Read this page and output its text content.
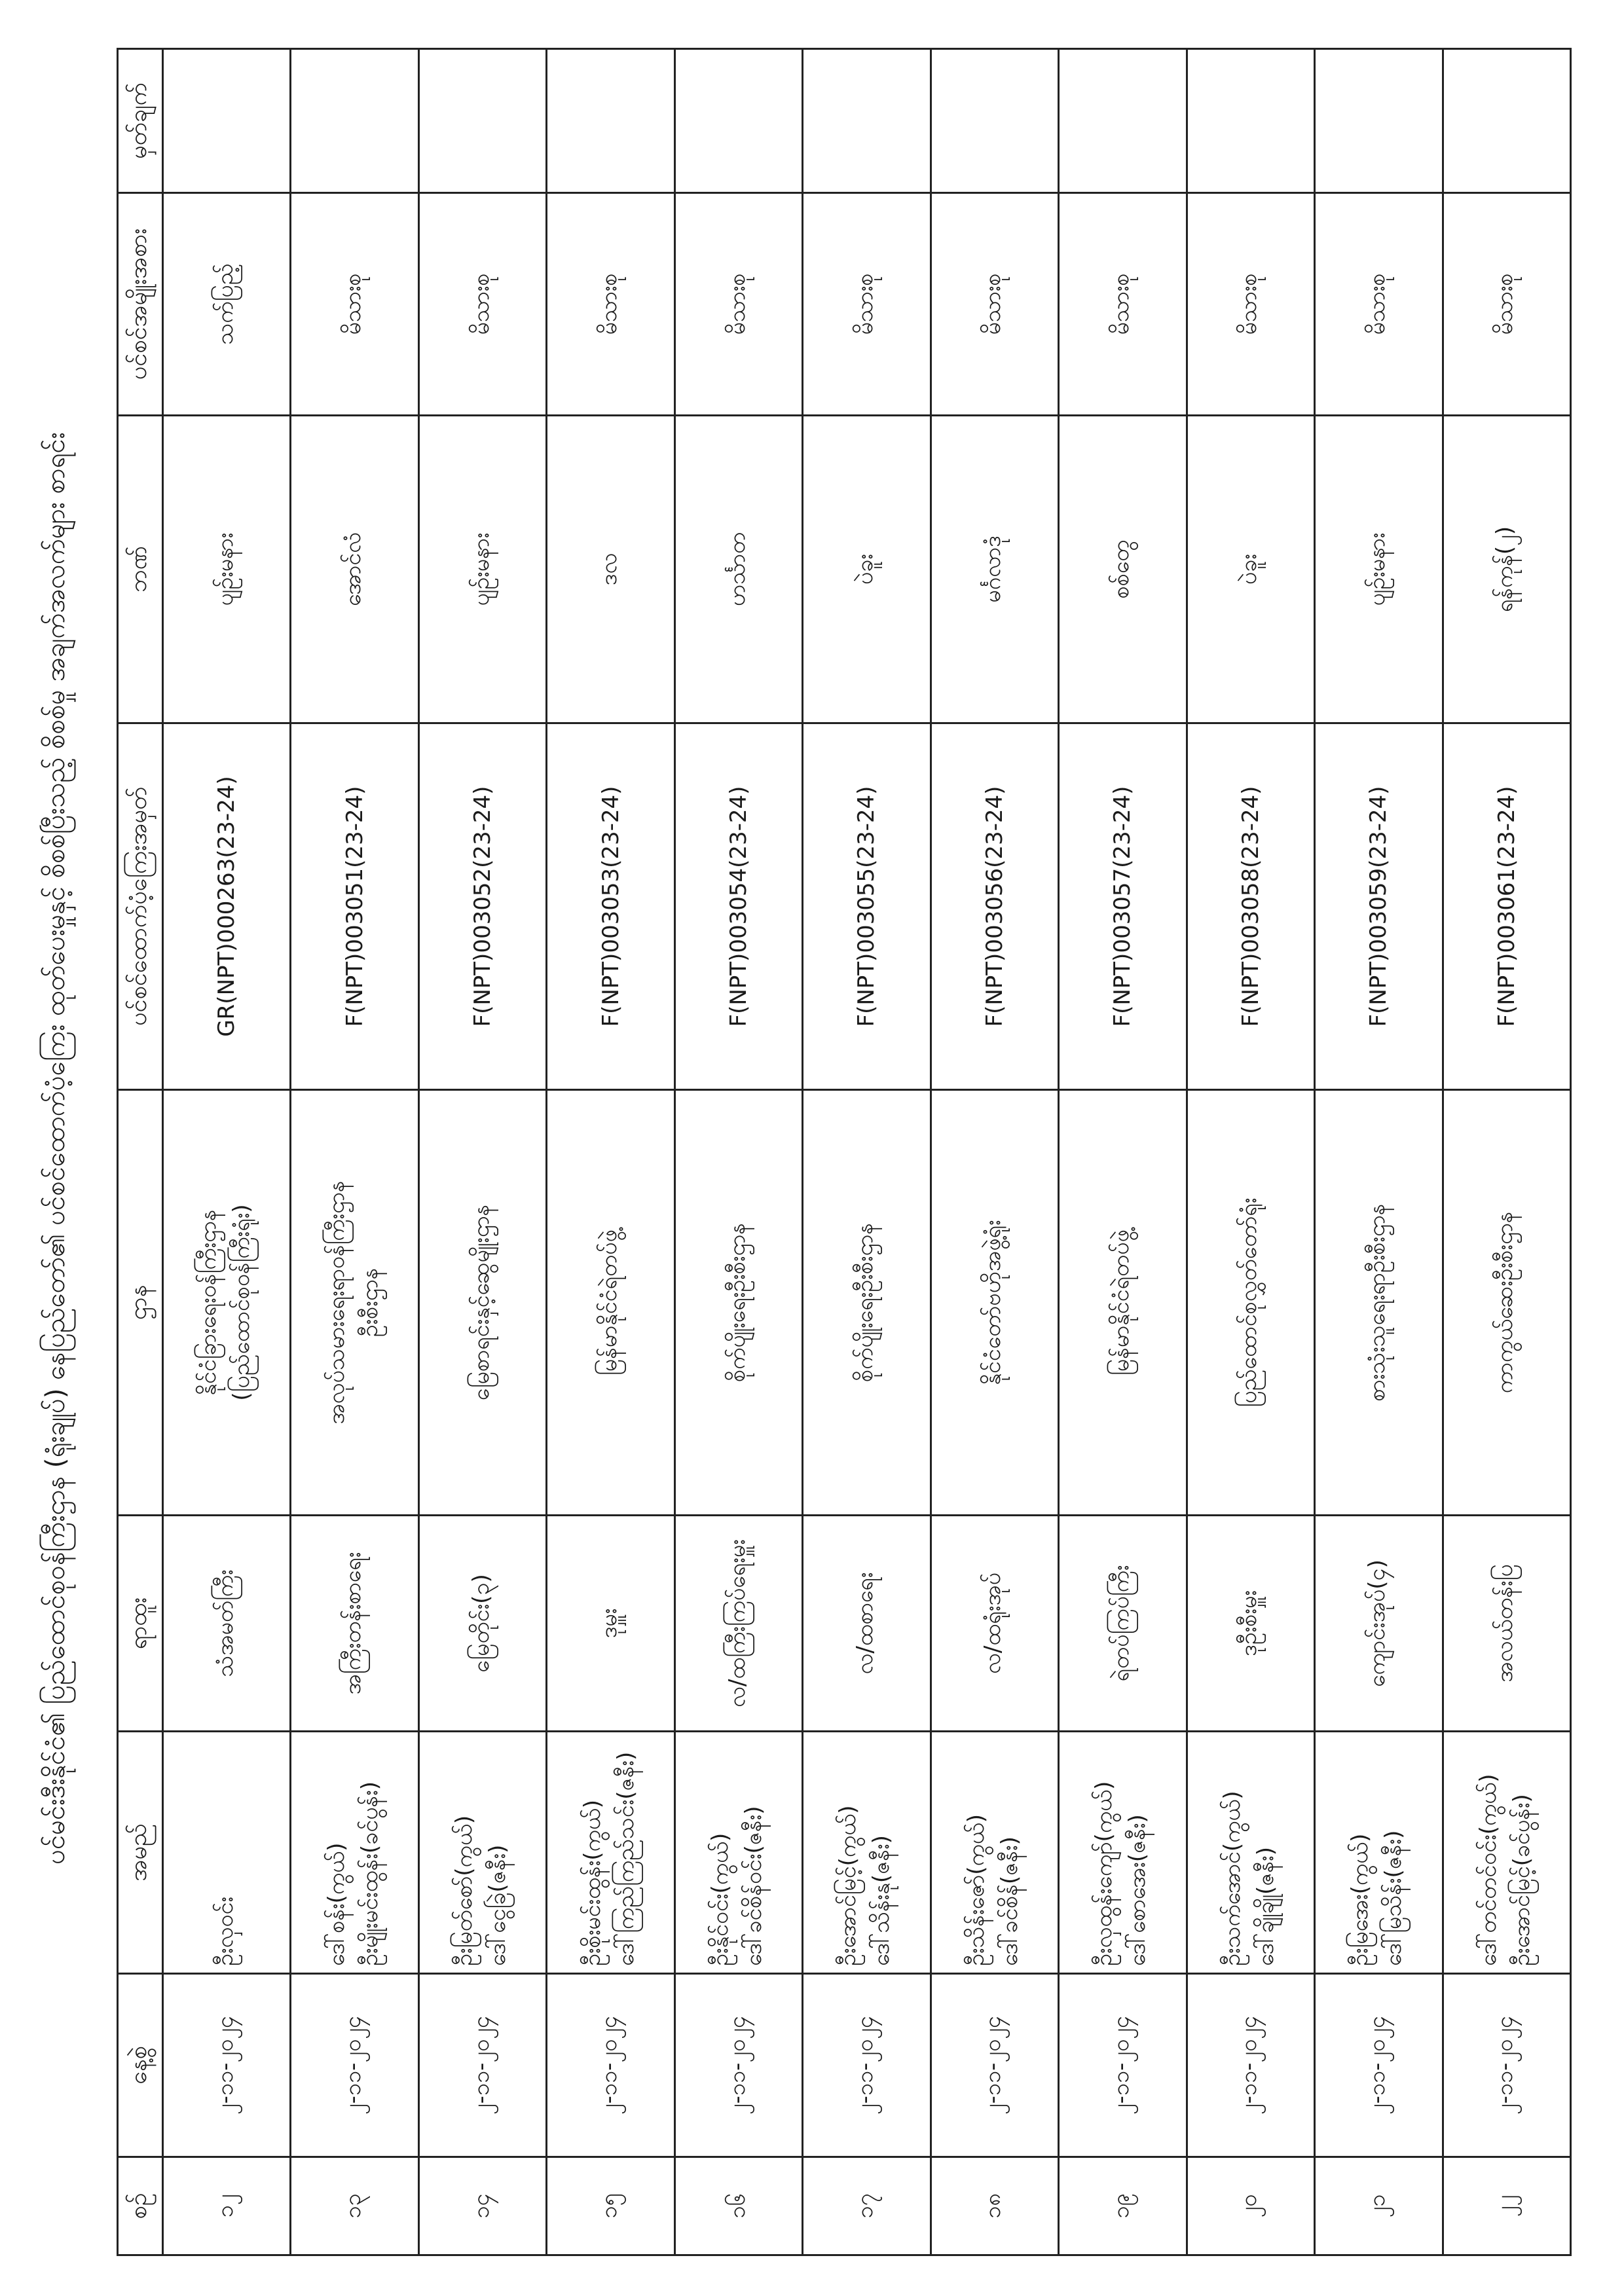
ပင်မင်းဒီးနိုင်ငံ၏ ပြည်ထောင်စုဝန်ကြီးဌာန (ရုံးချုပ်) နေပြည်တော်၏ ပင်စင်ထောက်ပံ့ကြေး ထုတ်ပေးမှုနှင့် စိစစ်ပြီးသည့် စိစစ်မှု အချက်အလက်များ စာရင်း
စဉ်	နေ့စွဲ	အမည်	ရာထူး	ဌာန	ပင်စင်ထောက်ပံ့ကြေးအမှတ်	ဘဏ်	ပင်စင်အမျိုးအစား	မှတ်ချက်
၁၂	၂-၁၁-၂၀၂၄	ဦးလှဝင်း	သံအမတ်ကြီး	နိုင်ငံခြားရေးဝန်ကြီးဌာန (ပြည်ထောင်စုဝန်ကြီးရုံး)	GR(NPT)000263(23-24)	ပျဉ်းမနား	သက်ပြည့်	
၁၃	၂-၁၁-၂၀၂၄	ဒေါ်စန်း(ကွယ်) ဦးမျိုးမင်းထွန်း(ခင်ပွန်း)	အကြီးတန်းစာရေး	အလုပ်သမားရေးရာဝန်ကြီးဌာန ဦးစီးဌာန	F(NPT)003051(23-24)	အောင်လံ	မိသားစု	
၁၄	၂-၁၁-၂၀၂၄	ဦးမြတ်စော်(ကွယ်) ဒေါ်ငွေခြဲ(ဇနီး)	မြေတိုင်း(၃)	မြေစာရင်းနှင့်ဆွေမျိုးဌာန	F(NPT)003052(23-24)	ပျဉ်းမနား	မိသားစု	
၁၅	၂-၁၁-၂၀၂၄	ဦးစိုးမင်းထွန်း(ကွယ်) ဒေါ်ကြည်ကြည်သင်း(ဇနီး)	ဒုမှူး	မြန်မာနိုင်ငံရဲတပ်ဖွဲ့	F(NPT)003053(23-24)	ဒလ	မိသားစု	
၁၆	၂-၁၁-၂၀၂၄	ဦးနိုင်ဝင်း(ကွယ်) ဒေါ်ခင်စိန်ဝင်း(ဇနီး)	လ/ထကြီးကြပ်ရေးမှူး	စိုက်ပျိုးရေးဦးစီးဌာန	F(NPT)003054(23-24)	ဟင်္သာတ	မိသားစု	
၁၇	၂-၁၁-၂၀၂၄	ဦးအောင်မြင့်(ကွယ်) ဒေါ်သိန်းနု(ဇနီး)	လ/ထစာရေး	စိုက်ပျိုးရေးဦးစီးဌာန	F(NPT)003055(23-24)	ပဲခူး	မိသားစု	
၁၈	၂-၁၁-၂၀၂၄	ဦးသိန်းဇော်(ကွယ်) ဒေါ်ခင်စိန်(ဇနီး)	လ/ထရုံးအုပ်	နိုင်ငံတော်ဗဟိုအဖွဲ့ရုံး	F(NPT)003056(23-24)	မင်္ဂလာဒုံ	မိသားစု	
၁၉	၂-၁၁-၂၀၂၄	ဦးလှထွန်းကျော်(ကွယ်) ဒေါ်စောအေး(ဇနီး)	ရဲတပ်ကြပ်ကြီး	မြန်မာနိုင်ငံရဲတပ်ဖွဲ့	F(NPT)003057(23-24)	စစ်တွေ	မိသားစု	
၂၀	၂-၁၁-၂၀၂၄	ဦးသက်အောင်(ကွယ်) ဒေါ်ချိုချို(ဇနီး)	ဒုဦးစီးမှူး	ပြည်ထောင်စုလွှတ်တော်ရုံး	F(NPT)003058(23-24)	ပဲခူး	မိသားစု	
၂၁	၂-၁၁-၂၀၂၄	ဦးမြအေး(ကွယ်) ဒေါ်မြသိန်း(ဇနီး)	ကျောင်းအုပ်(၄)	စားသုံးသူရေးရာဦးစီးဌာန	F(NPT)003059(23-24)	ပျဉ်းမနား	မိသားစု	
၂၂	၂-၁၁-၂၀၂၄	ဒေါ်တင်တင်ဝင်း(ကွယ်) ဦးအောင်မြင့်(ခင်ပွန်း)	အလယ်တန်းပြ	ကာကွယ်ဆေးဦးစီးဌာန	F(NPT)003061(23-24)	ရန်ကုန်(၂)	မိသားစု	
